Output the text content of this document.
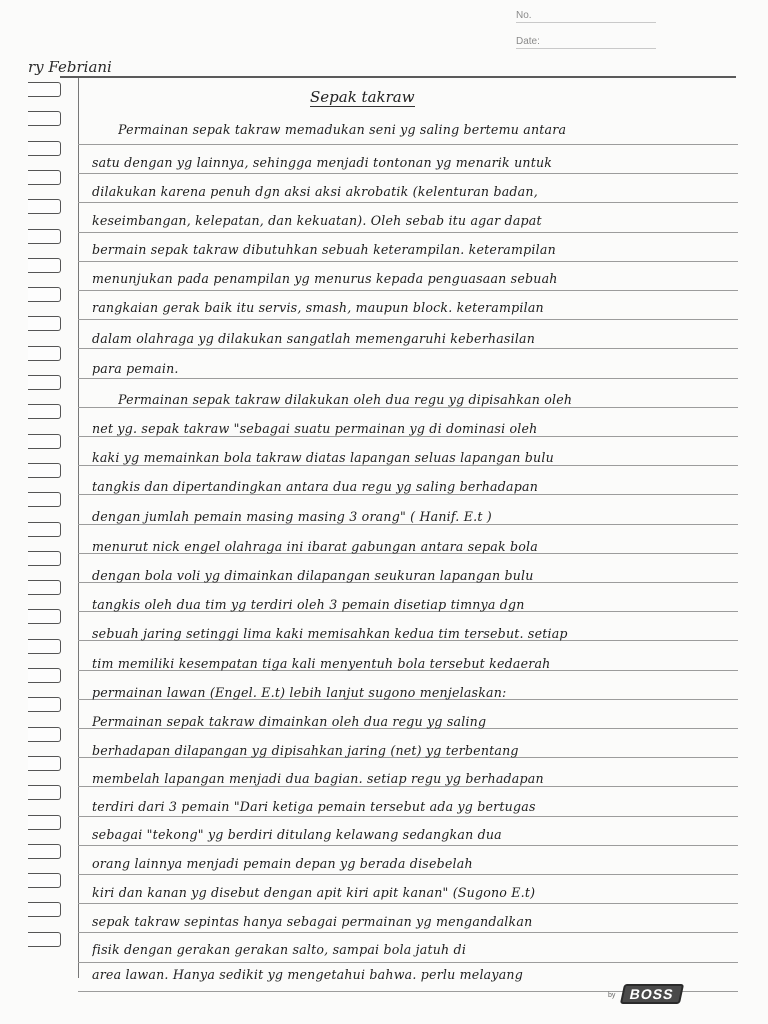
No.
Date:
ry Febriani
Sepak takraw
Permainan sepak takraw memadukan seni yg saling bertemu antara
satu dengan yg lainnya, sehingga menjadi tontonan yg menarik untuk
dilakukan karena penuh dgn aksi aksi akrobatik (kelenturan badan,
keseimbangan, kelepatan, dan kekuatan). Oleh sebab itu agar dapat
bermain sepak takraw dibutuhkan sebuah keterampilan. keterampilan
menunjukan pada penampilan yg menurus kepada penguasaan sebuah
rangkaian gerak baik itu servis, smash, maupun block. keterampilan
dalam olahraga yg dilakukan sangatlah memengaruhi keberhasilan
para pemain.
Permainan sepak takraw dilakukan oleh dua regu yg dipisahkan oleh
net yg. sepak takraw "sebagai suatu permainan yg di dominasi oleh
kaki yg memainkan bola takraw diatas lapangan seluas lapangan bulu
tangkis dan dipertandingkan antara dua regu yg saling berhadapan
dengan jumlah pemain masing masing 3 orang" ( Hanif. E.t )
menurut nick engel olahraga ini ibarat gabungan antara sepak bola
dengan bola voli yg dimainkan dilapangan seukuran lapangan bulu
tangkis oleh dua tim yg terdiri oleh 3 pemain disetiap timnya dgn
sebuah jaring setinggi lima kaki memisahkan kedua tim tersebut. setiap
tim memiliki kesempatan tiga kali menyentuh bola tersebut kedaerah
permainan lawan (Engel. E.t) lebih lanjut sugono menjelaskan:
Permainan sepak takraw dimainkan oleh dua regu yg saling
berhadapan dilapangan yg dipisahkan jaring (net) yg terbentang
membelah lapangan menjadi dua bagian. setiap regu yg berhadapan
terdiri dari 3 pemain "Dari ketiga pemain tersebut ada yg bertugas
sebagai "tekong" yg berdiri ditulang kelawang sedangkan dua
orang lainnya menjadi pemain depan yg berada disebelah
kiri dan kanan yg disebut dengan apit kiri apit kanan" (Sugono E.t)
sepak takraw sepintas hanya sebagai permainan yg mengandalkan
fisik dengan gerakan gerakan salto, sampai bola jatuh di
area lawan. Hanya sedikit yg mengetahui bahwa. perlu melayang
by BOSS
